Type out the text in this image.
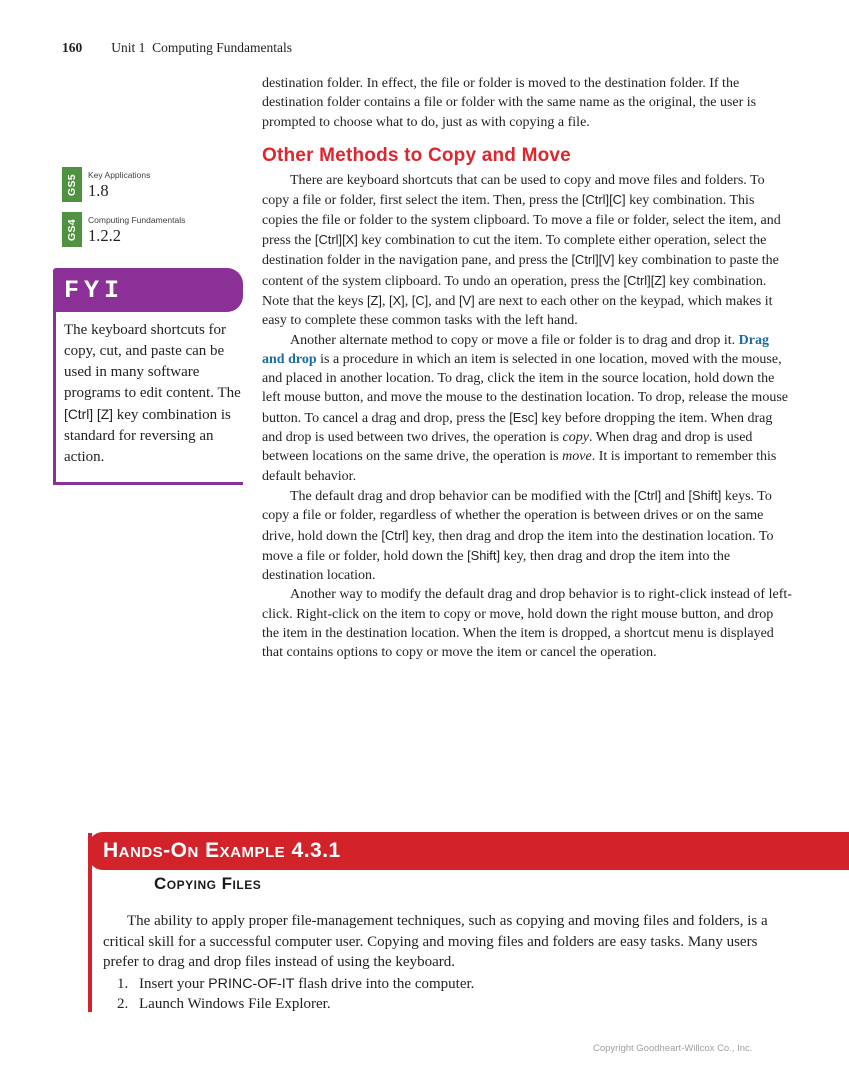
160 Unit 1  Computing Fundamentals
GS5 Key Applications
1.8
GS4 Computing Fundamentals
1.2.2
FYI
The keyboard shortcuts for copy, cut, and paste can be used in many software programs to edit content. The [Ctrl] [Z] key combination is standard for reversing an action.

destination folder. In effect, the file or folder is moved to the destination folder. If the destination folder contains a file or folder with the same name as the original, the user is prompted to choose what to do, just as with copying a file.

Other Methods to Copy and Move

There are keyboard shortcuts that can be used to copy and move files and folders. To copy a file or folder, first select the item. Then, press the [Ctrl][C] key combination. This copies the file or folder to the system clipboard. To move a file or folder, select the item, and press the [Ctrl][X] key combination to cut the item. To complete either operation, select the destination folder in the navigation pane, and press the [Ctrl][V] key combination to paste the content of the system clipboard. To undo an operation, press the [Ctrl][Z] key combination. Note that the keys [Z], [X], [C], and [V] are next to each other on the keypad, which makes it easy to complete these common tasks with the left hand.

Another alternate method to copy or move a file or folder is to drag and drop it. Drag and drop is a procedure in which an item is selected in one location, moved with the mouse, and placed in another location. To drag, click the item in the source location, hold down the left mouse button, and move the mouse to the destination location. To drop, release the mouse button. To cancel a drag and drop, press the [Esc] key before dropping the item. When drag and drop is used between two drives, the operation is copy. When drag and drop is used between locations on the same drive, the operation is move. It is important to remember this default behavior.

The default drag and drop behavior can be modified with the [Ctrl] and [Shift] keys. To copy a file or folder, regardless of whether the operation is between drives or on the same drive, hold down the [Ctrl] key, then drag and drop the item into the destination location. To move a file or folder, hold down the [Shift] key, then drag and drop the item into the destination location.

Another way to modify the default drag and drop behavior is to right-click instead of left-click. Right-click on the item to copy or move, hold down the right mouse button, and drop the item in the destination location. When the item is dropped, a shortcut menu is displayed that contains options to copy or move the item or cancel the operation.

Hands-On Example 4.3.1
Copying Files

The ability to apply proper file-management techniques, such as copying and moving files and folders, is a critical skill for a successful computer user. Copying and moving files and folders are easy tasks. Many users prefer to drag and drop files instead of using the keyboard.

1. Insert your PRINC-OF-IT flash drive into the computer.
2. Launch Windows File Explorer.
Copyright Goodheart-Willcox Co., Inc.
